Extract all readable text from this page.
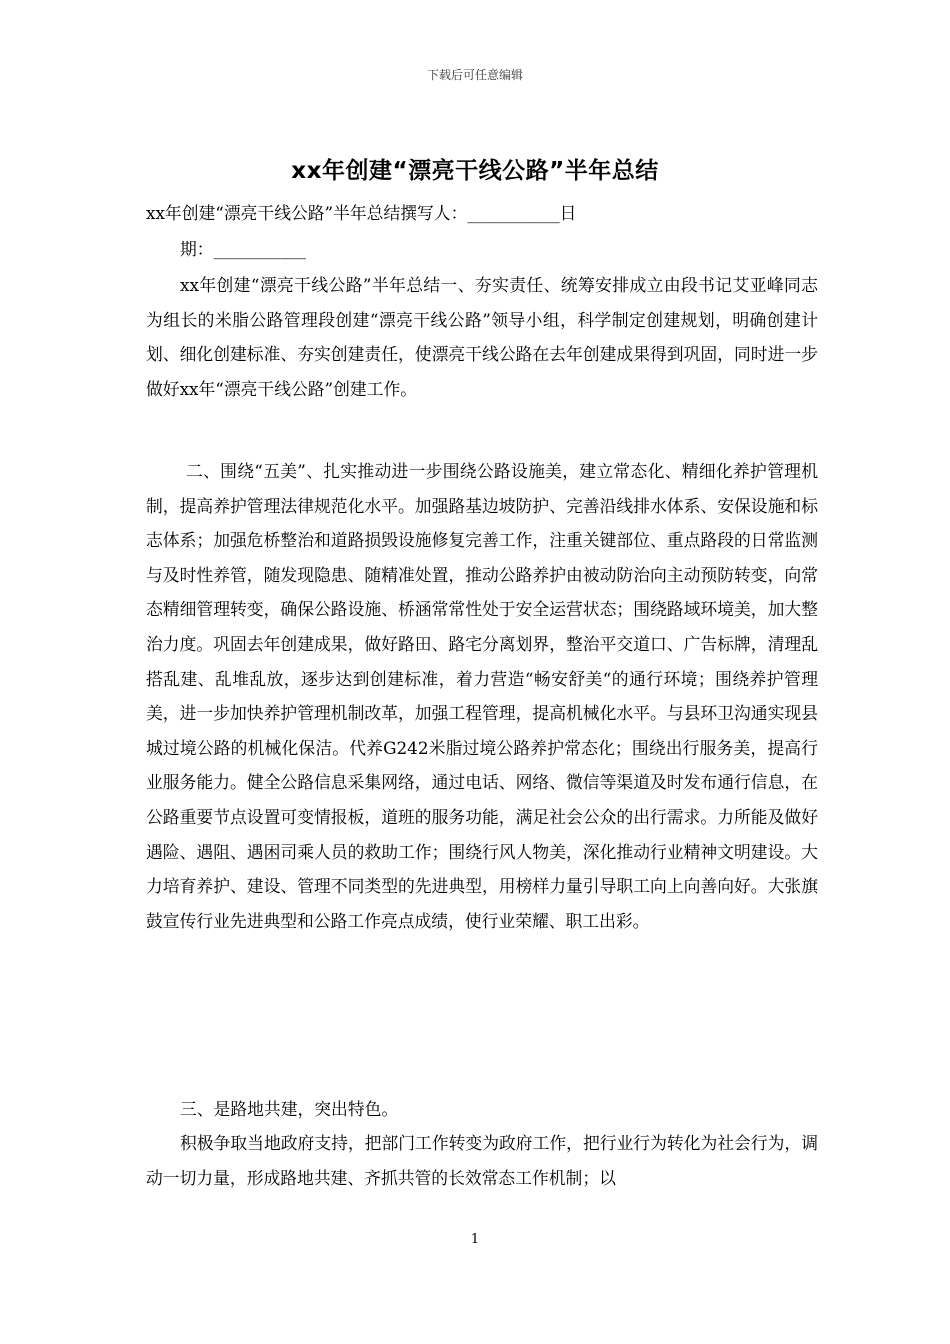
下载后可任意编辑
xx年创建“漂亮干线公路”半年总结
xx年创建“漂亮干线公路”半年总结撰写人：___________日
期：___________

xx年创建“漂亮干线公路”半年总结一、夯实责任、统筹安排成立由段书记艾亚峰同志为组长的米脂公路管理段创建“漂亮干线公路”领导小组，科学制定创建规划，明确创建计划、细化创建标准、夯实创建责任，使漂亮干线公路在去年创建成果得到巩固，同时进一步做好xx年“漂亮干线公路”创建工作。

二、围绕“五美”、扎实推动进一步围绕公路设施美，建立常态化、精细化养护管理机制，提高养护管理法律规范化水平。加强路基边坡防护、完善沿线排水体系、安保设施和标志体系；加强危桥整治和道路损毁设施修复完善工作，注重关键部位、重点路段的日常监测与及时性养管，随发现隐患、随精准处置，推动公路养护由被动防治向主动预防转变，向常态精细管理转变，确保公路设施、桥涵常常性处于安全运营状态；围绕路域环境美，加大整治力度。巩固去年创建成果，做好路田、路宅分离划界，整治平交道口、广告标牌，清理乱搭乱建、乱堆乱放，逐步达到创建标准，着力营造“畅安舒美“的通行环境；围绕养护管理美，进一步加快养护管理机制改革，加强工程管理，提高机械化水平。与县环卫沟通实现县城过境公路的机械化保洁。代养G242米脂过境公路养护常态化；围绕出行服务美，提高行业服务能力。健全公路信息采集网络，通过电话、网络、微信等渠道及时发布通行信息，在公路重要节点设置可变情报板，道班的服务功能，满足社会公众的出行需求。力所能及做好遇险、遇阻、遇困司乘人员的救助工作；围绕行风人物美，深化推动行业精神文明建设。大力培育养护、建设、管理不同类型的先进典型，用榜样力量引导职工向上向善向好。大张旗鼓宣传行业先进典型和公路工作亮点成绩，使行业荣耀、职工出彩。

三、是路地共建，突出特色。

积极争取当地政府支持，把部门工作转变为政府工作，把行业行为转化为社会行为，调动一切力量，形成路地共建、齐抓共管的长效常态工作机制；以

1
